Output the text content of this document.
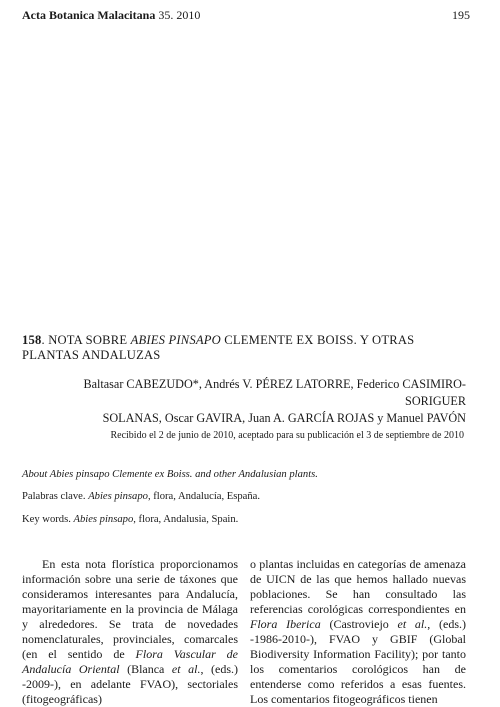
Acta Botanica Malacitana 35. 2010	195
158. NOTA SOBRE ABIES PINSAPO CLEMENTE EX BOISS. Y OTRAS PLANTAS ANDALUZAS
Baltasar CABEZUDO*, Andrés V. PÉREZ LATORRE, Federico CASIMIRO-SORIGUER
SOLANAS, Oscar GAVIRA, Juan A. GARCÍA ROJAS y Manuel PAVÓN
Recibido el 2 de junio de 2010, aceptado para su publicación el 3 de septiembre de 2010
About Abies pinsapo Clemente ex Boiss. and other Andalusian plants.
Palabras clave. Abies pinsapo, flora, Andalucía, España.
Key words. Abies pinsapo, flora, Andalusia, Spain.

En esta nota florística proporcionamos información sobre una serie de táxones que consideramos interesantes para Andalucía, mayoritariamente en la provincia de Málaga y alrededores. Se trata de novedades nomenclaturales, provinciales, comarcales (en el sentido de Flora Vascular de Andalucía Oriental (Blanca et al., (eds.) -2009-), en adelante FVAO), sectoriales (fitogeográficas)

o plantas incluidas en categorías de amenaza de UICN de las que hemos hallado nuevas poblaciones. Se han consultado las referencias corológicas correspondientes en Flora Iberica (Castroviejo et al., (eds.) -1986-2010-), FVAO y GBIF (Global Biodiversity Information Facility); por tanto los comentarios corológicos han de entenderse como referidos a esas fuentes. Los comentarios fitogeográficos tienen
